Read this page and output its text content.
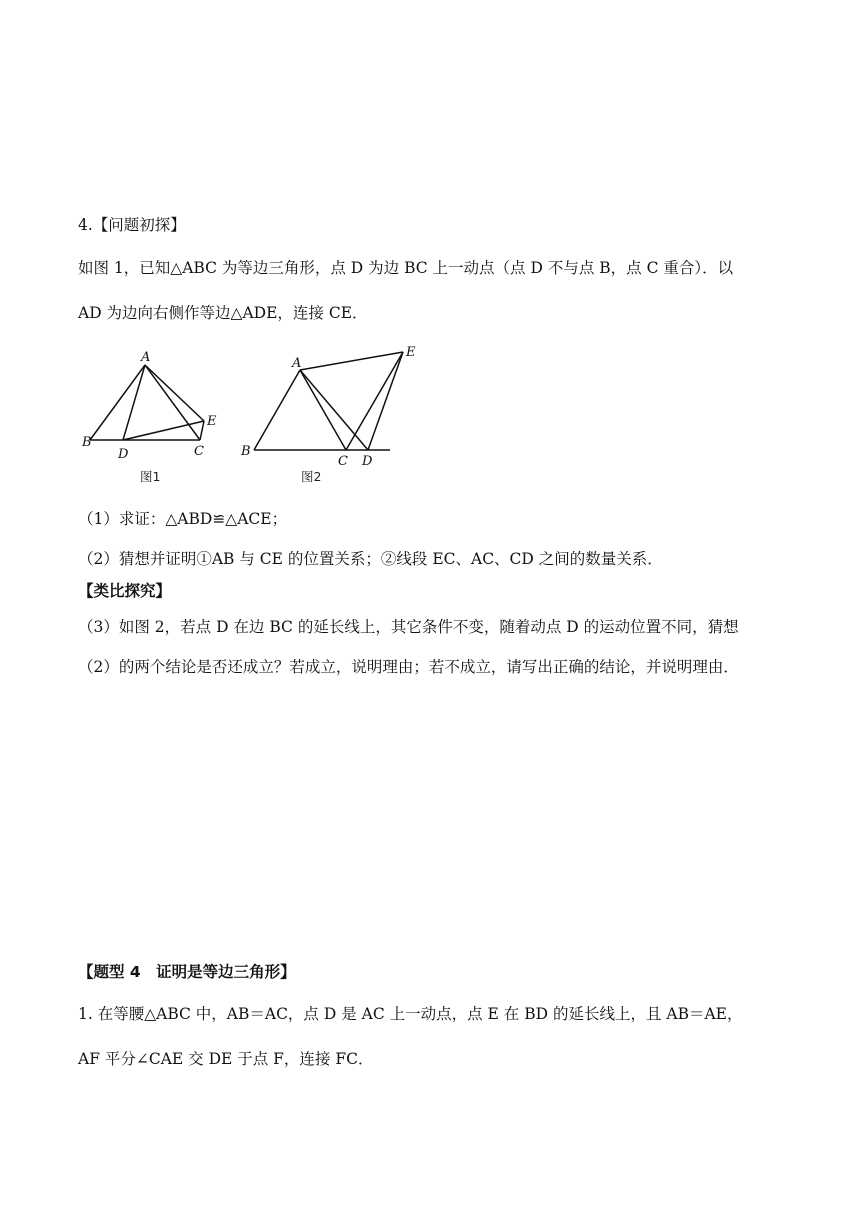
4.【问题初探】
如图 1，已知△ABC 为等边三角形，点 D 为边 BC 上一动点（点 D 不与点 B，点 C 重合）．以
AD 为边向右侧作等边△ADE，连接 CE．
A
B
C
D
E
图1
A
B
C D
E
图2
（1）求证：△ABD≌△ACE；
（2）猜想并证明①AB 与 CE 的位置关系；②线段 EC、AC、CD 之间的数量关系．
【类比探究】
（3）如图 2，若点 D 在边 BC 的延长线上，其它条件不变，随着动点 D 的运动位置不同，猜想
（2）的两个结论是否还成立？若成立，说明理由；若不成立，请写出正确的结论，并说明理由．
【题型 4　证明是等边三角形】
1. 在等腰△ABC 中，AB＝AC，点 D 是 AC 上一动点，点 E 在 BD 的延长线上，且 AB＝AE，
AF 平分∠CAE 交 DE 于点 F，连接 FC．
